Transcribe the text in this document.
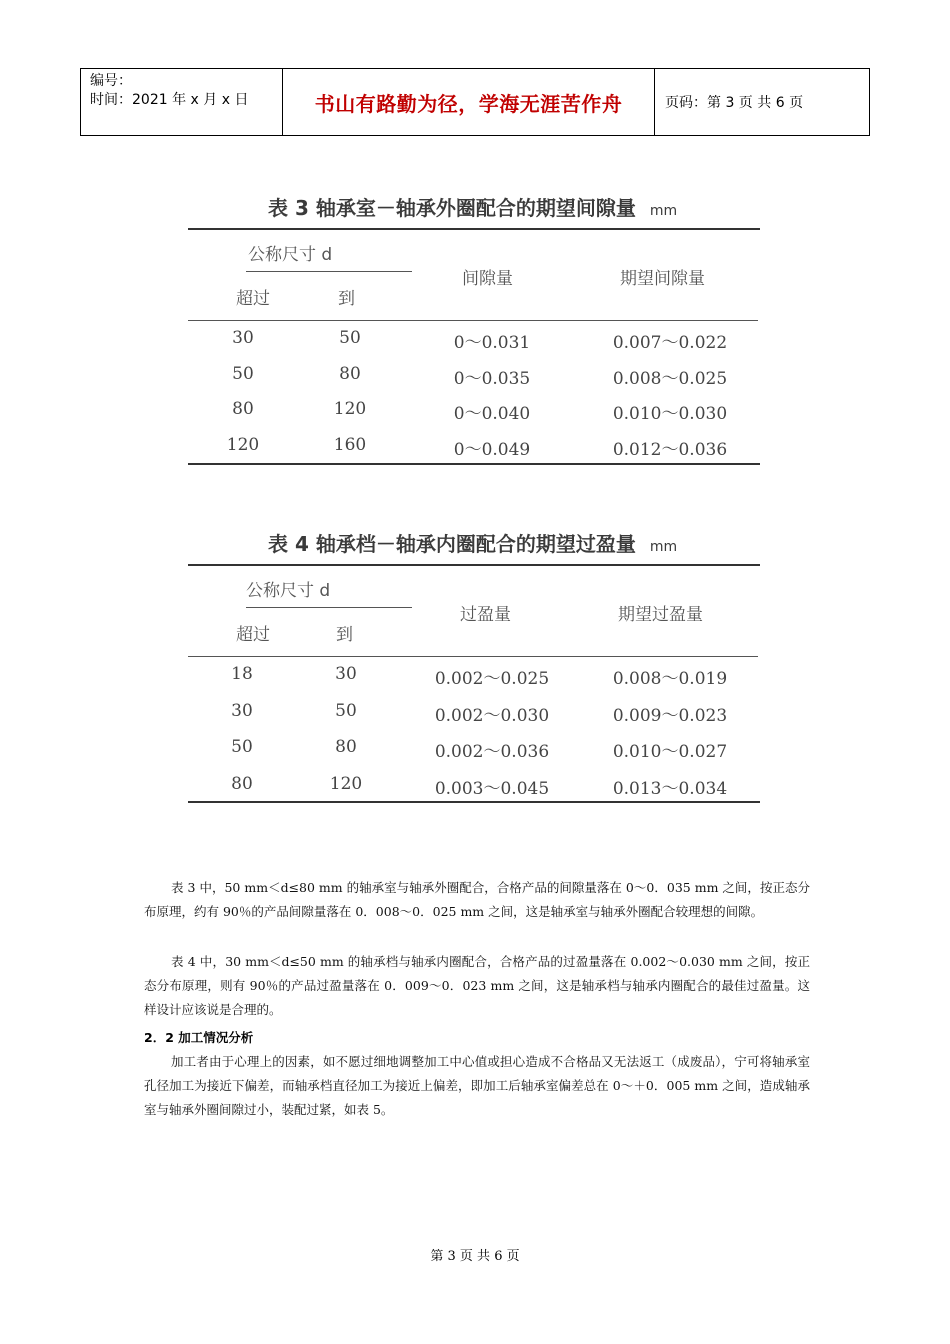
编号：
时间：2021 年 x 月 x 日	书山有路勤为径，学海无涯苦作舟	页码：第 3 页 共 6 页
表 3 轴承室－轴承外圈配合的期望间隙量 mm
公称尺寸 d
超过	到
间隙量	期望间隙量
30	50	0～0.031	0.007～0.022
50	80	0～0.035	0.008～0.025
80	120	0～0.040	0.010～0.030
120	160	0～0.049	0.012～0.036
表 4 轴承档－轴承内圈配合的期望过盈量 mm
公称尺寸 d
超过	到
过盈量	期望过盈量
18	30	0.002～0.025	0.008～0.019
30	50	0.002～0.030	0.009～0.023
50	80	0.002～0.036	0.010～0.027
80	120	0.003～0.045	0.013～0.034
表 3 中，50 mm＜d≤80 mm 的轴承室与轴承外圈配合，合格产品的间隙量落在 0～0．035 mm 之间，按正态分布原理，约有 90％的产品间隙量落在 0．008～0．025 mm 之间，这是轴承室与轴承外圈配合较理想的间隙。
表 4 中，30 mm＜d≤50 mm 的轴承档与轴承内圈配合，合格产品的过盈量落在 0.002～0.030 mm 之间，按正态分布原理，则有 90％的产品过盈量落在 0．009～0．023 mm 之间，这是轴承档与轴承内圈配合的最佳过盈量。这样设计应该说是合理的。
2．2 加工情况分析
加工者由于心理上的因素，如不愿过细地调整加工中心值或担心造成不合格品又无法返工（成废品），宁可将轴承室孔径加工为接近下偏差，而轴承档直径加工为接近上偏差，即加工后轴承室偏差总在 0～＋0．005 mm 之间，造成轴承室与轴承外圈间隙过小，装配过紧，如表 5。
第 3 页 共 6 页
